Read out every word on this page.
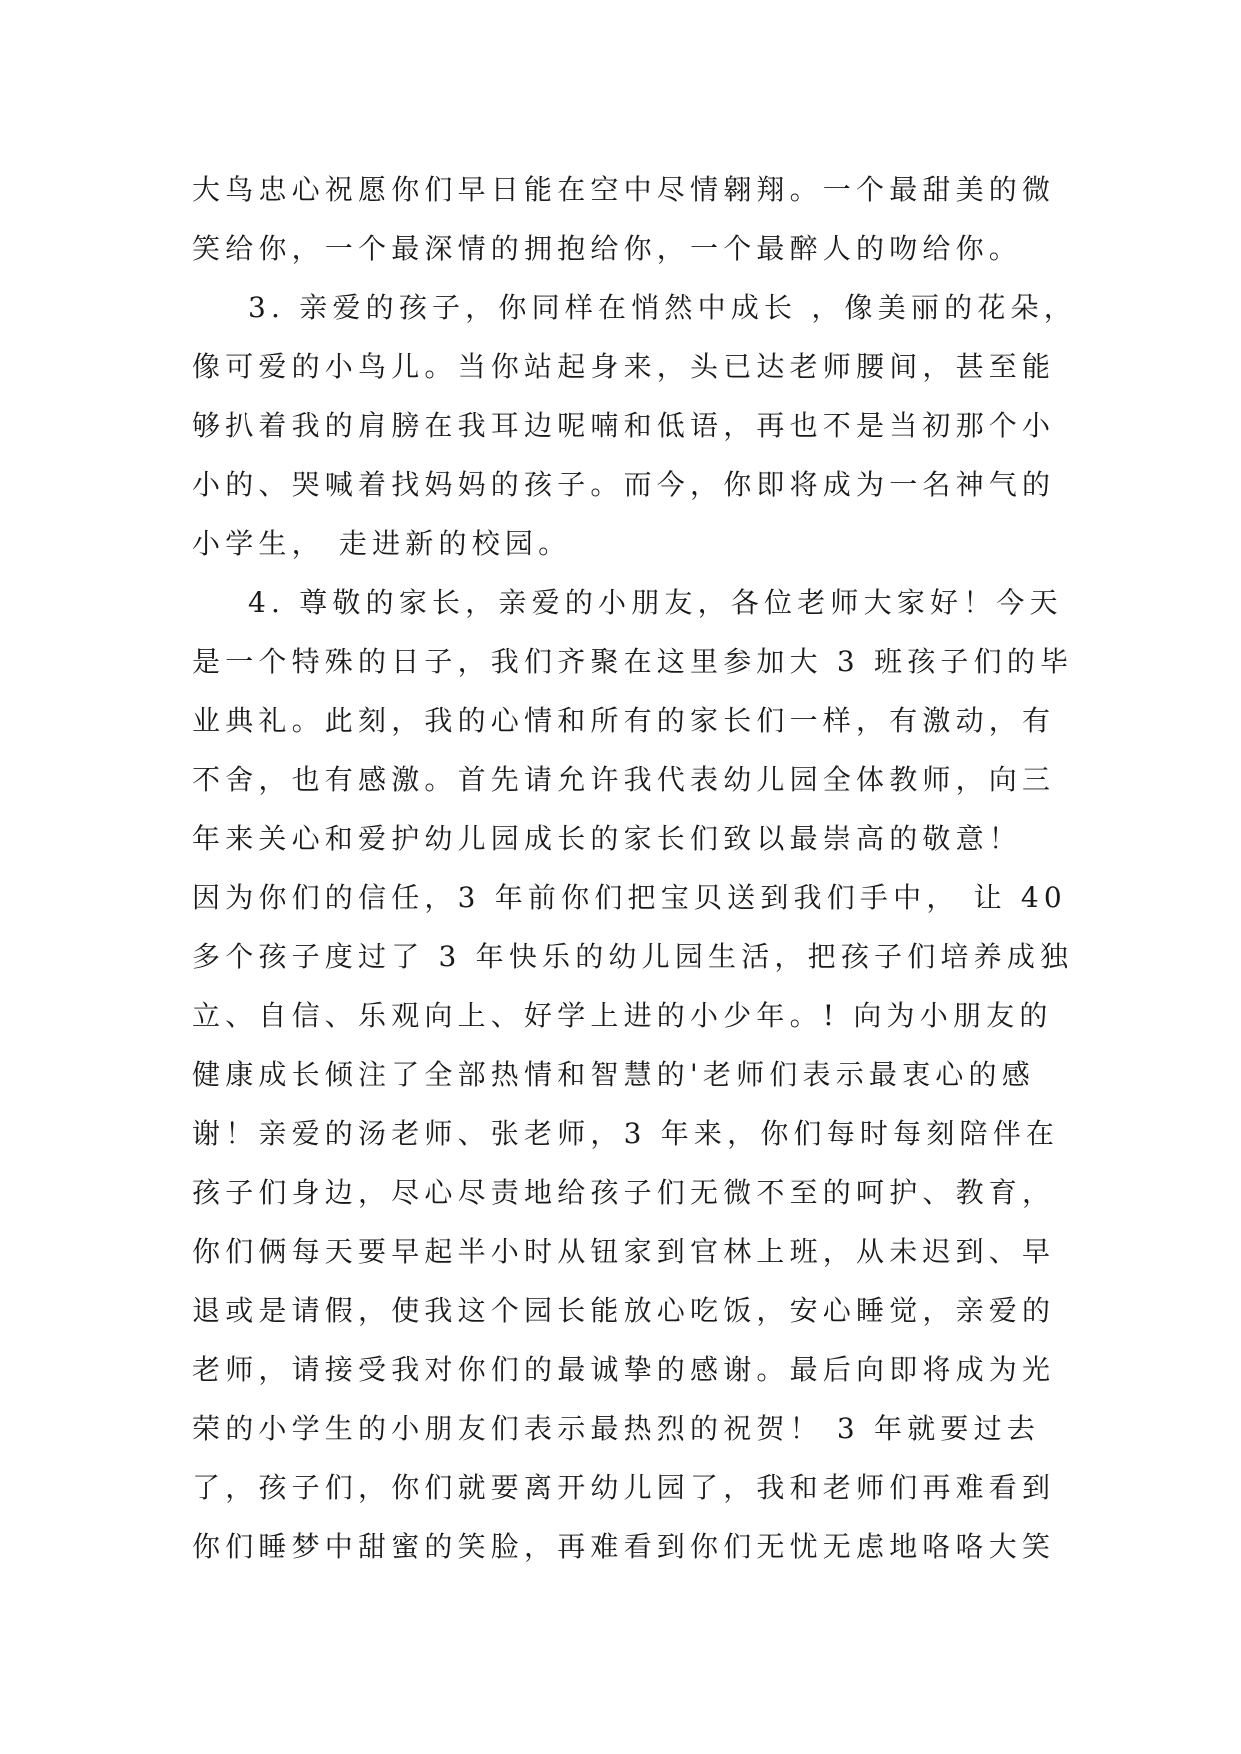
大鸟忠心祝愿你们早日能在空中尽情翱翔。一个最甜美的微
笑给你，一个最深情的拥抱给你，一个最醉人的吻给你。
3. 亲爱的孩子，你同样在悄然中成长 ，像美丽的花朵，
像可爱的小鸟儿。当你站起身来，头已达老师腰间，甚至能
够扒着我的肩膀在我耳边呢喃和低语，再也不是当初那个小
小的、哭喊着找妈妈的孩子。而今，你即将成为一名神气的
小学生， 走进新的校园。
4. 尊敬的家长，亲爱的小朋友，各位老师大家好！今天
是一个特殊的日子，我们齐聚在这里参加大 3 班孩子们的毕
业典礼。此刻，我的心情和所有的家长们一样，有激动，有
不舍，也有感激。首先请允许我代表幼儿园全体教师，向三
年来关心和爱护幼儿园成长的家长们致以最崇高的敬意！
因为你们的信任，3 年前你们把宝贝送到我们手中， 让 40
多个孩子度过了 3 年快乐的幼儿园生活，把孩子们培养成独
立、自信、乐观向上、好学上进的小少年。! 向为小朋友的
健康成长倾注了全部热情和智慧的'老师们表示最衷心的感
谢！亲爱的汤老师、张老师，3 年来，你们每时每刻陪伴在
孩子们身边，尽心尽责地给孩子们无微不至的呵护、教育，
你们俩每天要早起半小时从钮家到官林上班，从未迟到、早
退或是请假，使我这个园长能放心吃饭，安心睡觉，亲爱的
老师，请接受我对你们的最诚挚的感谢。最后向即将成为光
荣的小学生的小朋友们表示最热烈的祝贺！ 3 年就要过去
了，孩子们，你们就要离开幼儿园了，我和老师们再难看到
你们睡梦中甜蜜的笑脸，再难看到你们无忧无虑地咯咯大笑
